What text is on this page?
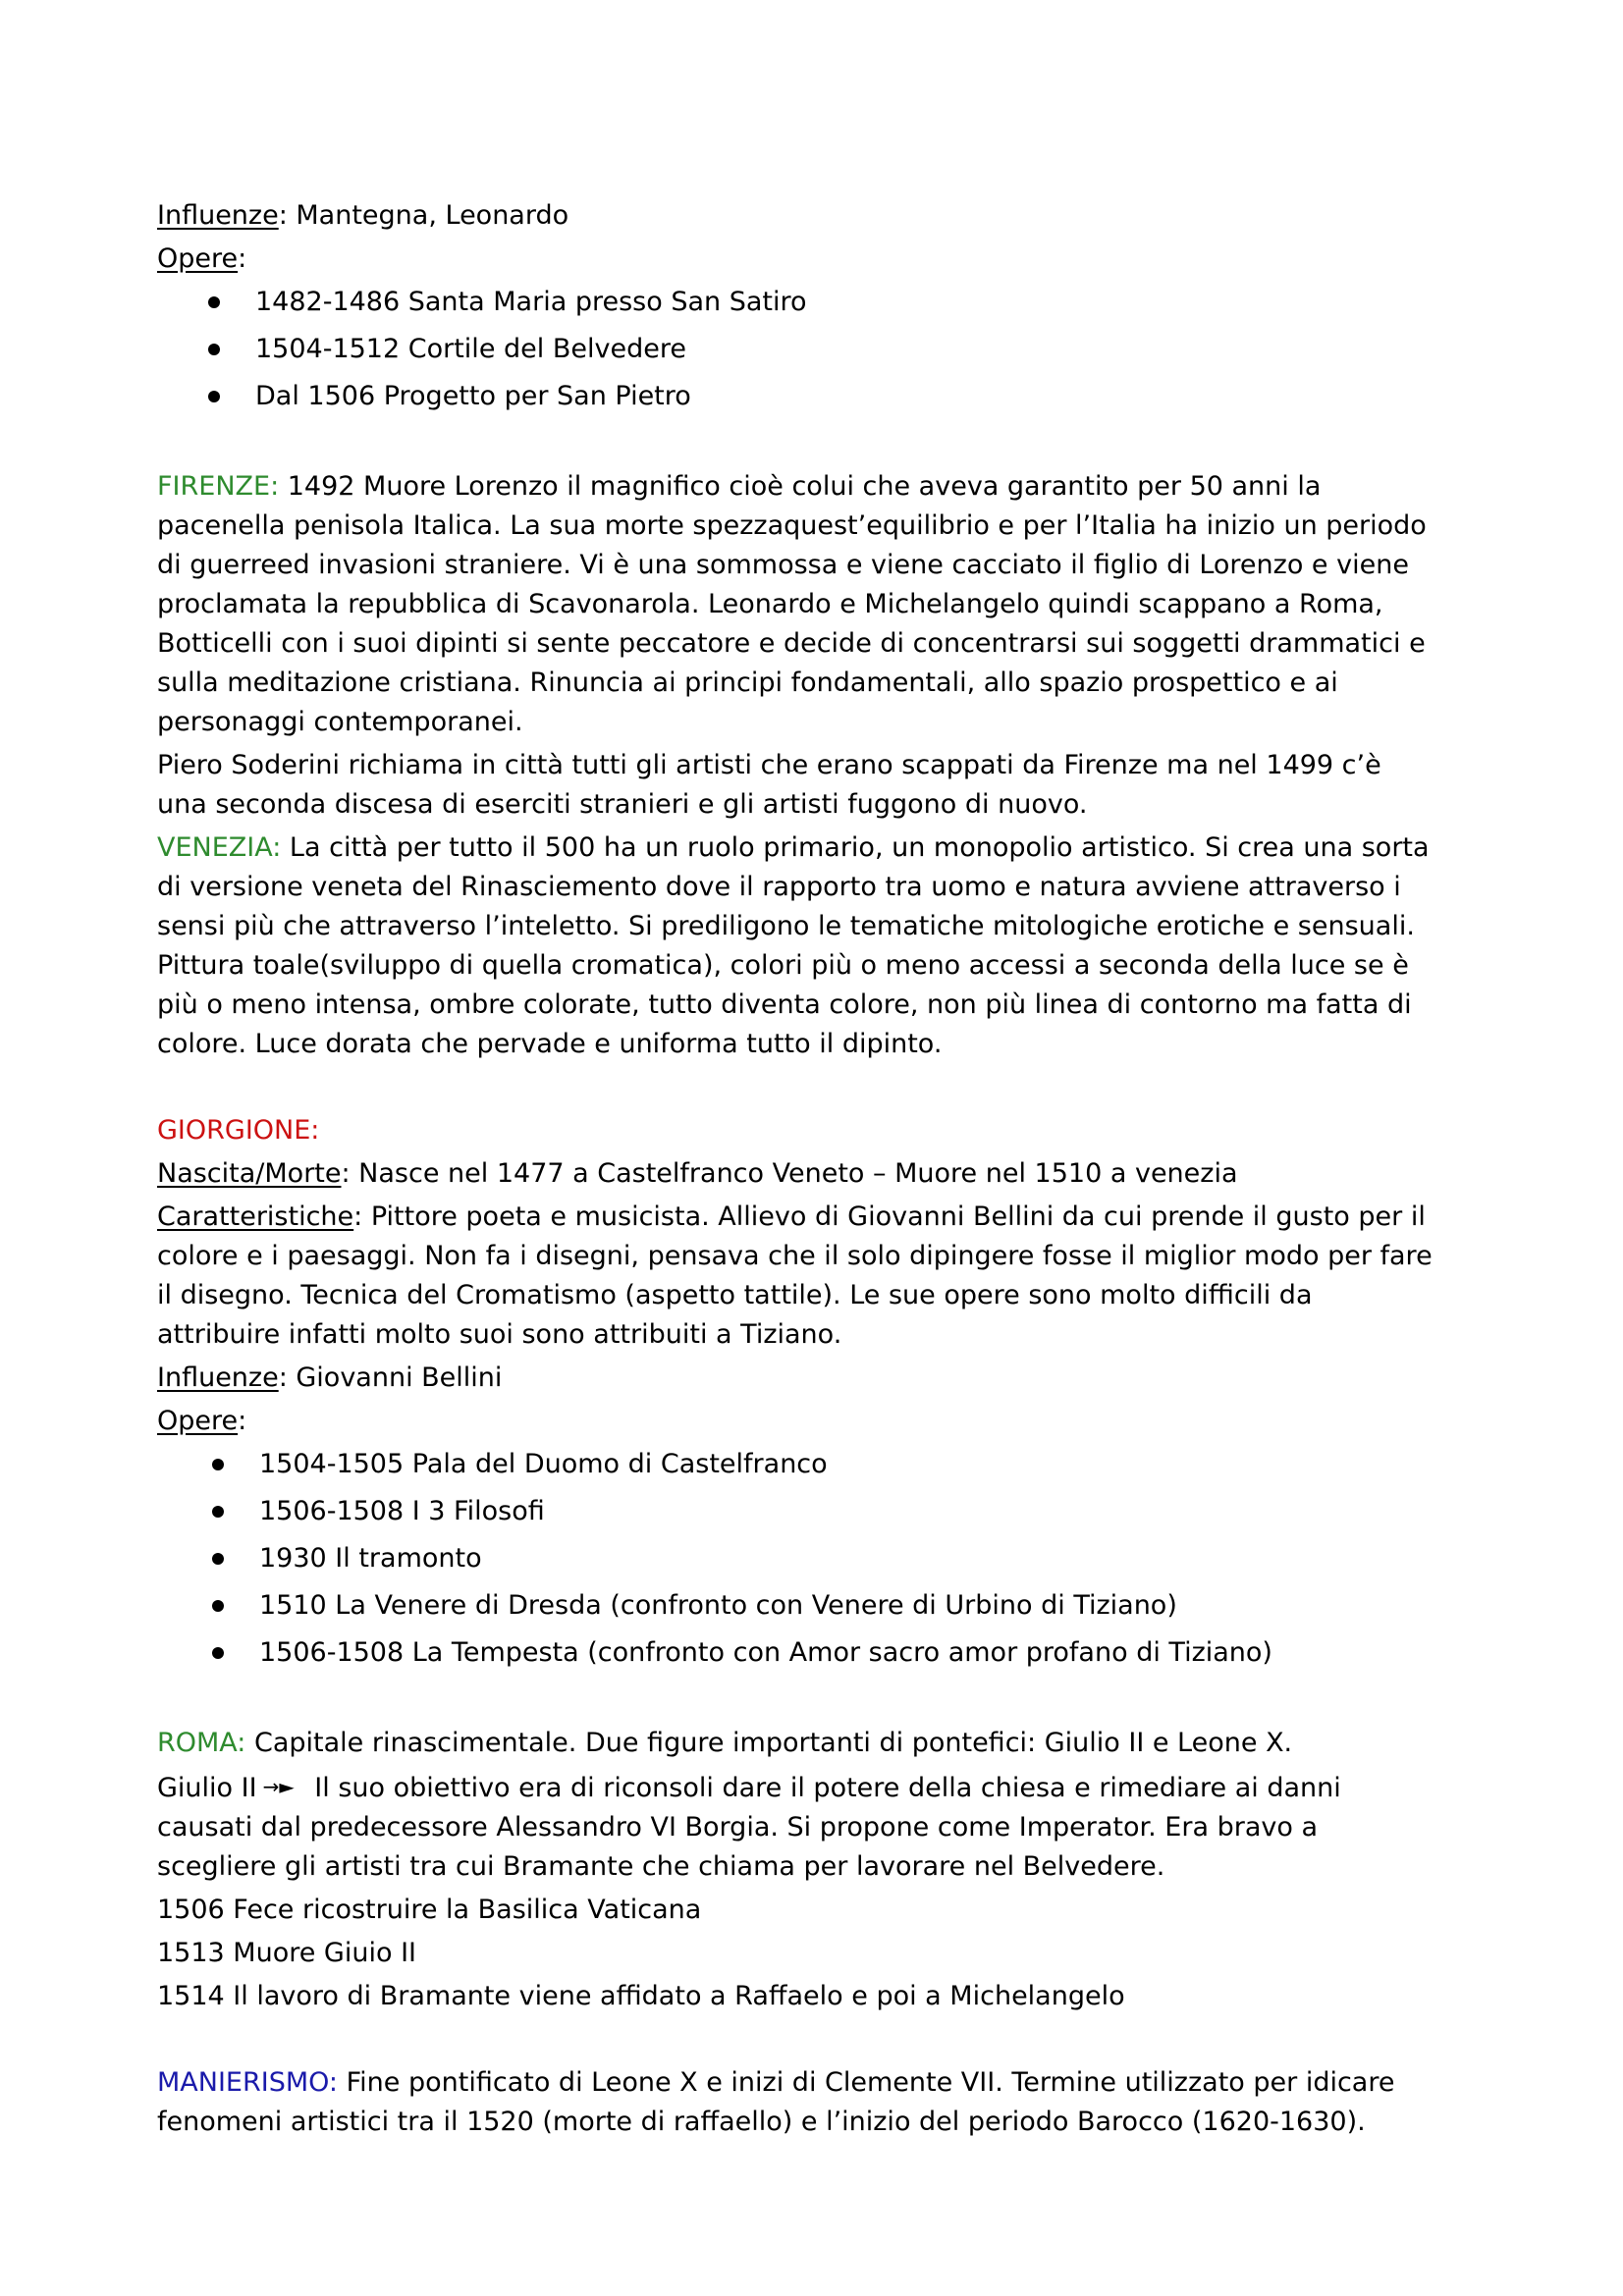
Influenze: Mantegna, Leonardo

Opere:

1482-1486 Santa Maria presso San Satiro
1504-1512 Cortile del Belvedere
Dal 1506 Progetto per San Pietro

FIRENZE: 1492 Muore Lorenzo il magnifico cioè colui che aveva garantito per 50 anni la

pacenella penisola Italica. La sua morte spezzaquest’equilibrio e per l’Italia ha inizio un periodo

di guerreed invasioni straniere. Vi è una sommossa e viene cacciato il figlio di Lorenzo e viene

proclamata la repubblica di Scavonarola. Leonardo e Michelangelo quindi scappano a Roma,

Botticelli con i suoi dipinti si sente peccatore e decide di concentrarsi sui soggetti drammatici e

sulla meditazione cristiana. Rinuncia ai principi fondamentali, allo spazio prospettico e ai

personaggi contemporanei.

Piero Soderini richiama in città tutti gli artisti che erano scappati da Firenze ma nel 1499 c’è

una seconda discesa di eserciti stranieri e gli artisti fuggono di nuovo.

VENEZIA: La città per tutto il 500 ha un ruolo primario, un monopolio artistico. Si crea una sorta

di versione veneta del Rinasciemento dove il rapporto tra uomo e natura avviene attraverso i

sensi più che attraverso l’inteletto. Si prediligono le tematiche mitologiche erotiche e sensuali.

Pittura toale(sviluppo di quella cromatica), colori più o meno accessi a seconda della luce se è

più o meno intensa, ombre colorate, tutto diventa colore, non più linea di contorno ma fatta di

colore. Luce dorata che pervade e uniforma tutto il dipinto.

GIORGIONE:

Nascita/Morte: Nasce nel 1477 a Castelfranco Veneto – Muore nel 1510 a venezia

Caratteristiche: Pittore poeta e musicista. Allievo di Giovanni Bellini da cui prende il gusto per il

colore e i paesaggi. Non fa i disegni, pensava che il solo dipingere fosse il miglior modo per fare

il disegno. Tecnica del Cromatismo (aspetto tattile). Le sue opere sono molto difficili da

attribuire infatti molto suoi sono attribuiti a Tiziano.

Influenze: Giovanni Bellini

Opere:

1504-1505 Pala del Duomo di Castelfranco
1506-1508 I 3 Filosofi
1930 Il tramonto
1510 La Venere di Dresda (confronto con Venere di Urbino di Tiziano)
1506-1508 La Tempesta (confronto con Amor sacro amor profano di Tiziano)

ROMA: Capitale rinascimentale. Due figure importanti di pontefici: Giulio II e Leone X.

Giulio II →► Il suo obiettivo era di riconsoli dare il potere della chiesa e rimediare ai danni

causati dal predecessore Alessandro VI Borgia. Si propone come Imperator. Era bravo a

scegliere gli artisti tra cui Bramante che chiama per lavorare nel Belvedere.

1506 Fece ricostruire la Basilica Vaticana

1513 Muore Giuio II

1514 Il lavoro di Bramante viene affidato a Raffaelo e poi a Michelangelo

MANIERISMO: Fine pontificato di Leone X e inizi di Clemente VII. Termine utilizzato per idicare

fenomeni artistici tra il 1520 (morte di raffaello) e l’inizio del periodo Barocco (1620-1630).
